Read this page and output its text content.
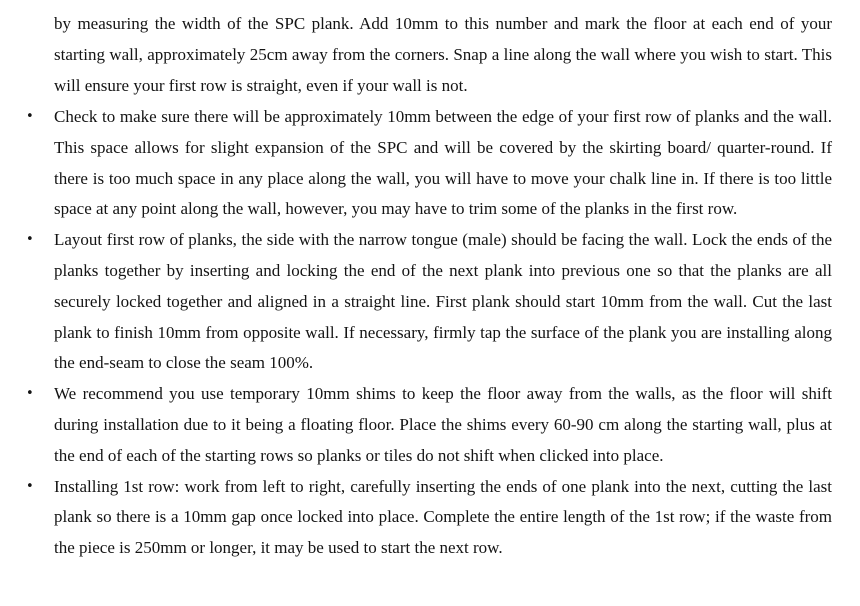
by measuring the width of the SPC plank. Add 10mm to this number and mark the floor at each end of your starting wall, approximately 25cm away from the corners. Snap a line along the wall where you wish to start. This will ensure your first row is straight, even if your wall is not.

• Check to make sure there will be approximately 10mm between the edge of your first row of planks and the wall. This space allows for slight expansion of the SPC and will be covered by the skirting board/ quarter-round. If there is too much space in any place along the wall, you will have to move your chalk line in. If there is too little space at any point along the wall, however, you may have to trim some of the planks in the first row.
• Layout first row of planks, the side with the narrow tongue (male) should be facing the wall. Lock the ends of the planks together by inserting and locking the end of the next plank into previous one so that the planks are all securely locked together and aligned in a straight line. First plank should start 10mm from the wall. Cut the last plank to finish 10mm from opposite wall. If necessary, firmly tap the surface of the plank you are installing along the end-seam to close the seam 100%.
• We recommend you use temporary 10mm shims to keep the floor away from the walls, as the floor will shift during installation due to it being a floating floor. Place the shims every 60-90 cm along the starting wall, plus at the end of each of the starting rows so planks or tiles do not shift when clicked into place.
• Installing 1st row: work from left to right, carefully inserting the ends of one plank into the next, cutting the last plank so there is a 10mm gap once locked into place. Complete the entire length of the 1st row; if the waste from the piece is 250mm or longer, it may be used to start the next row.
